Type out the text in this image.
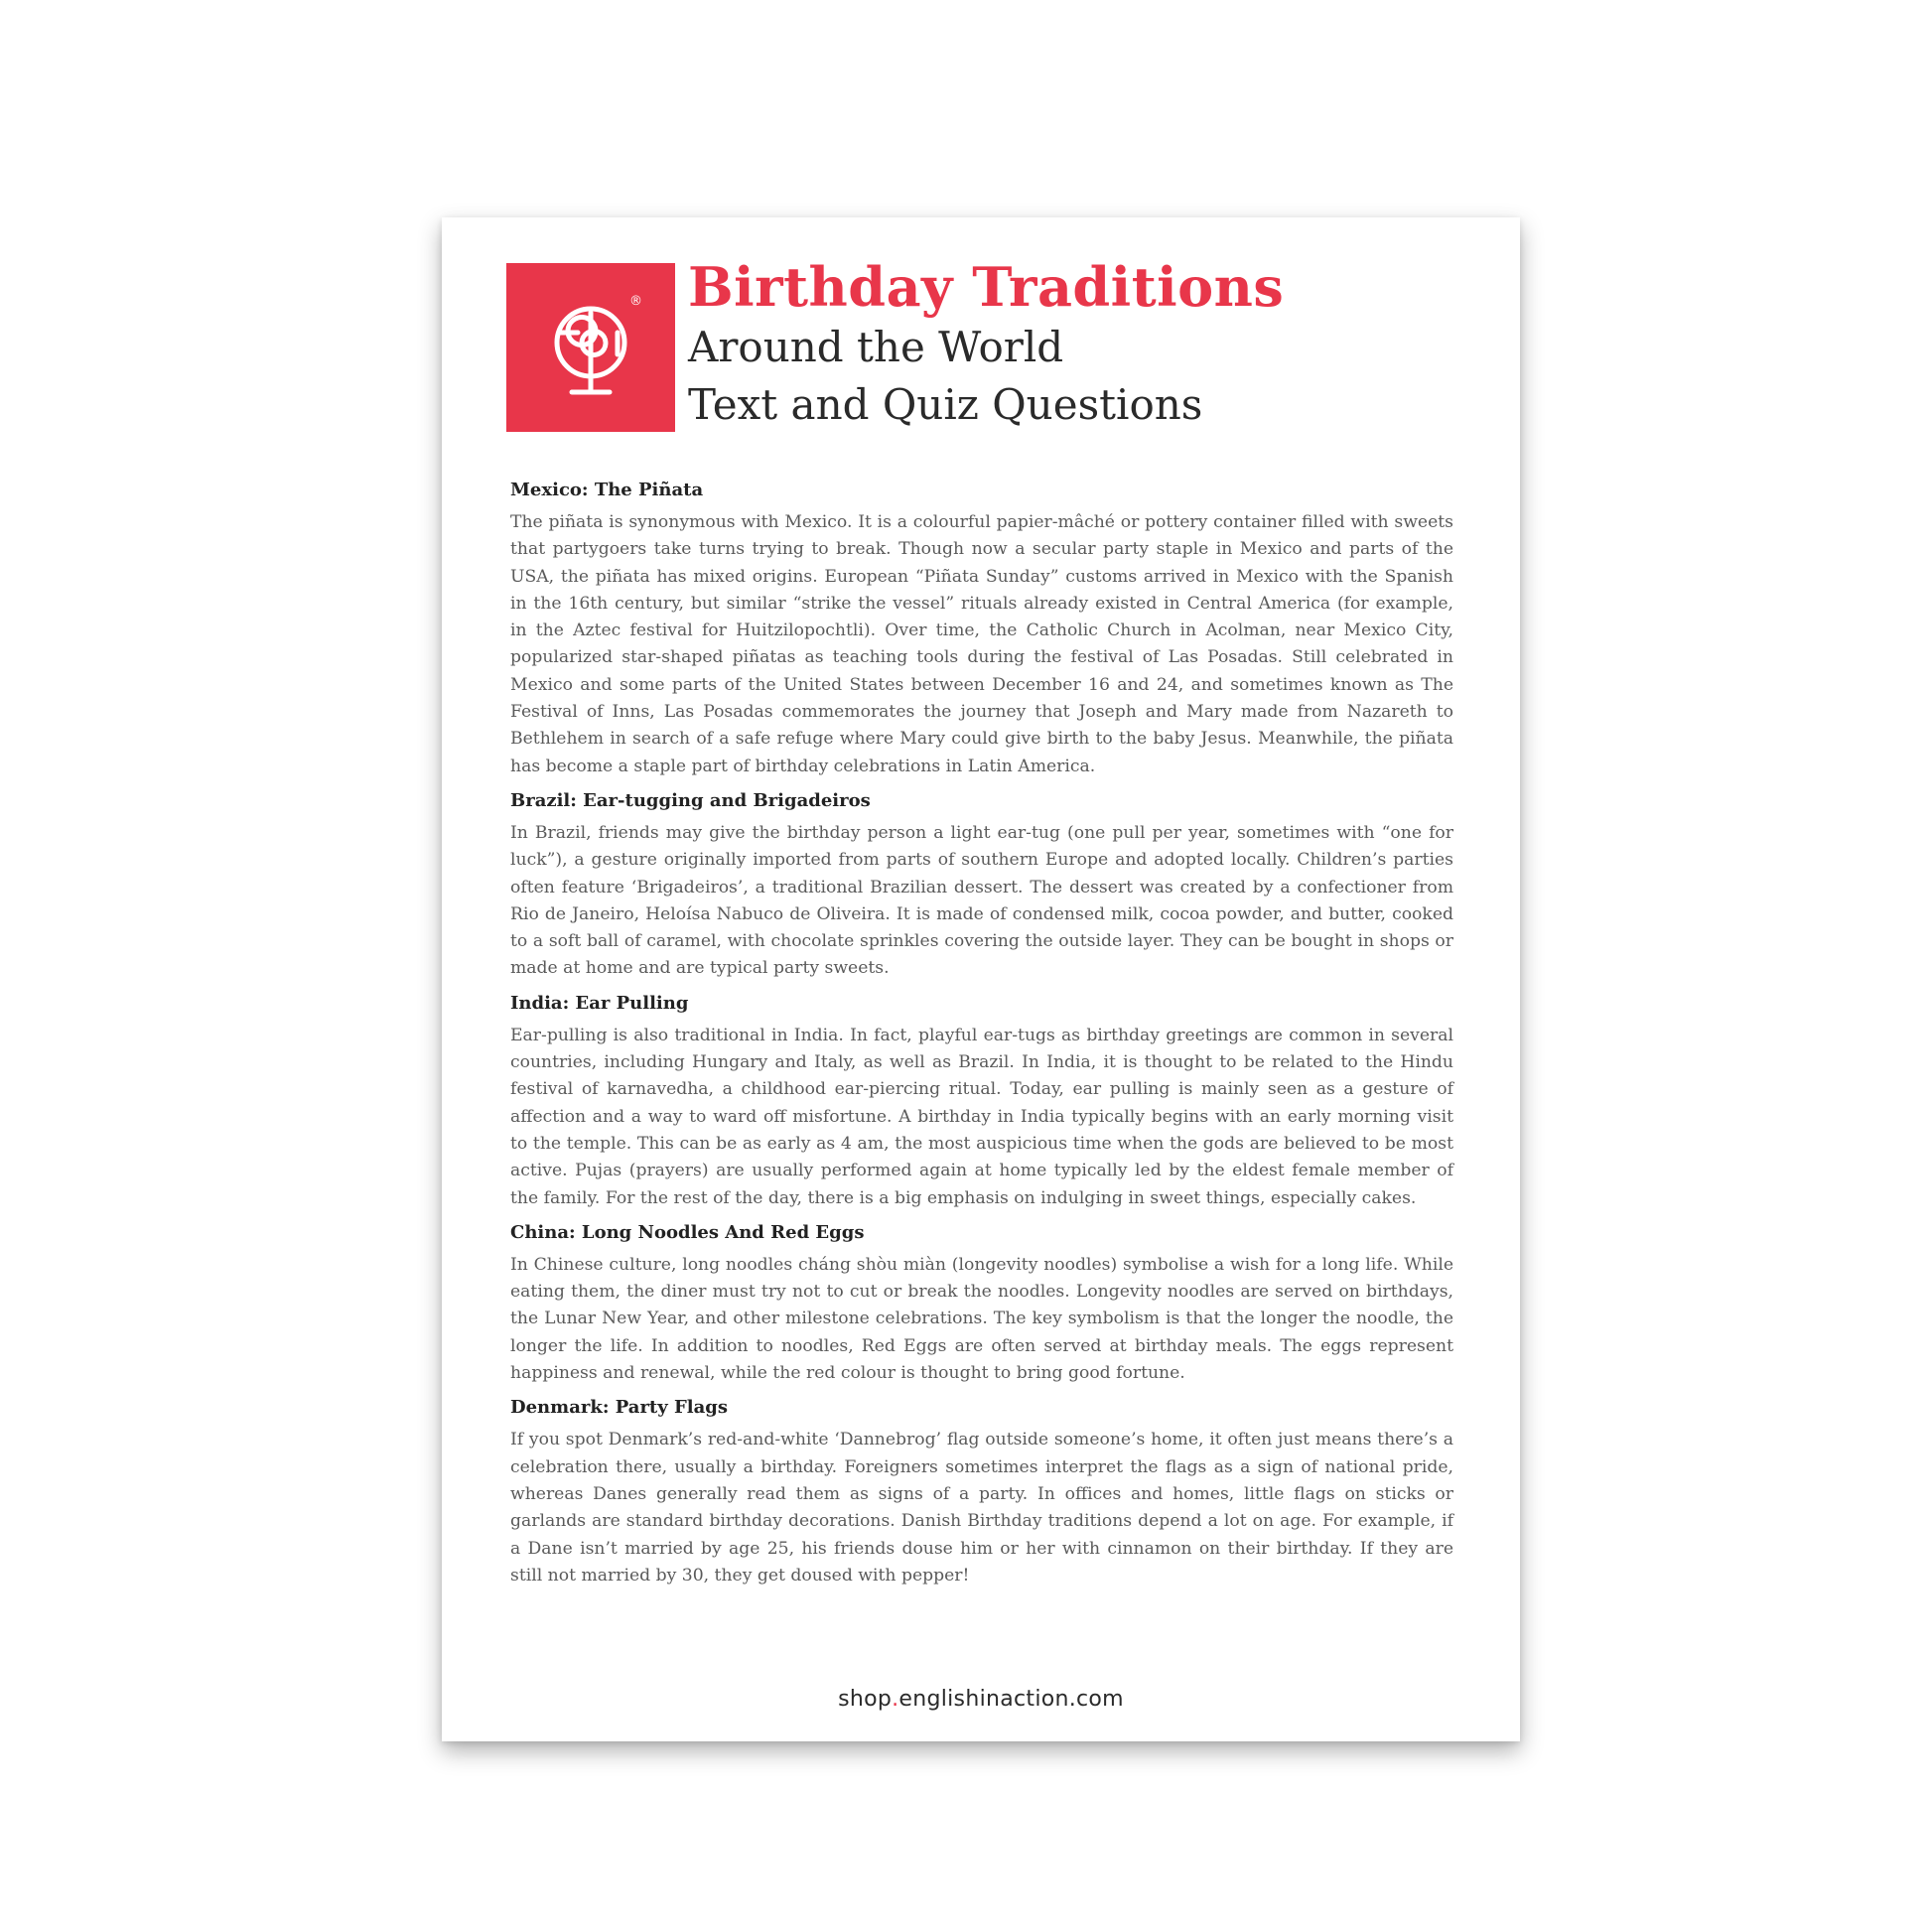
® Birthday Traditions

Around the World

Text and Quiz Questions

Mexico: The Piñata

The piñata is synonymous with Mexico. It is a colourful papier-mâché or pottery container filled with sweets that partygoers take turns trying to break. Though now a secular party staple in Mexico and parts of the USA, the piñata has mixed origins. European “Piñata Sunday” customs arrived in Mexico with the Spanish in the 16th century, but similar “strike the vessel” rituals already existed in Central America (for example, in the Aztec festival for Huitzilopochtli). Over time, the Catholic Church in Acolman, near Mexico City, popularized star-shaped piñatas as teaching tools during the festival of Las Posadas. Still celebrated in Mexico and some parts of the United States between December 16 and 24, and sometimes known as The Festival of Inns, Las Posadas commemorates the journey that Joseph and Mary made from Nazareth to Bethlehem in search of a safe refuge where Mary could give birth to the baby Jesus. Meanwhile, the piñata has become a staple part of birthday celebrations in Latin America.

Brazil: Ear-tugging and Brigadeiros

In Brazil, friends may give the birthday person a light ear-tug (one pull per year, sometimes with “one for luck”), a gesture originally imported from parts of southern Europe and adopted locally. Children’s parties often feature ‘Brigadeiros’, a traditional Brazilian dessert. The dessert was created by a confectioner from Rio de Janeiro, Heloísa Nabuco de Oliveira. It is made of condensed milk, cocoa powder, and butter, cooked to a soft ball of caramel, with chocolate sprinkles covering the outside layer. They can be bought in shops or made at home and are typical party sweets.

India: Ear Pulling

Ear-pulling is also traditional in India. In fact, playful ear-tugs as birthday greetings are common in several countries, including Hungary and Italy, as well as Brazil. In India, it is thought to be related to the Hindu festival of karnavedha, a childhood ear-piercing ritual. Today, ear pulling is mainly seen as a gesture of affection and a way to ward off misfortune. A birthday in India typically begins with an early morning visit to the temple. This can be as early as 4 am, the most auspicious time when the gods are believed to be most active. Pujas (prayers) are usually performed again at home typically led by the eldest female member of the family. For the rest of the day, there is a big emphasis on indulging in sweet things, especially cakes.

China: Long Noodles And Red Eggs

In Chinese culture, long noodles cháng shòu miàn (longevity noodles) symbolise a wish for a long life. While eating them, the diner must try not to cut or break the noodles. Longevity noodles are served on birthdays, the Lunar New Year, and other milestone celebrations. The key symbolism is that the longer the noodle, the longer the life. In addition to noodles, Red Eggs are often served at birthday meals. The eggs represent happiness and renewal, while the red colour is thought to bring good fortune.

Denmark: Party Flags

If you spot Denmark’s red-and-white ‘Dannebrog’ flag outside someone’s home, it often just means there’s a celebration there, usually a birthday. Foreigners sometimes interpret the flags as a sign of national pride, whereas Danes generally read them as signs of a party. In offices and homes, little flags on sticks or garlands are standard birthday decorations. Danish Birthday traditions depend a lot on age. For example, if a Dane isn’t married by age 25, his friends douse him or her with cinnamon on their birthday. If they are still not married by 30, they get doused with pepper!

shop.englishinaction.com
